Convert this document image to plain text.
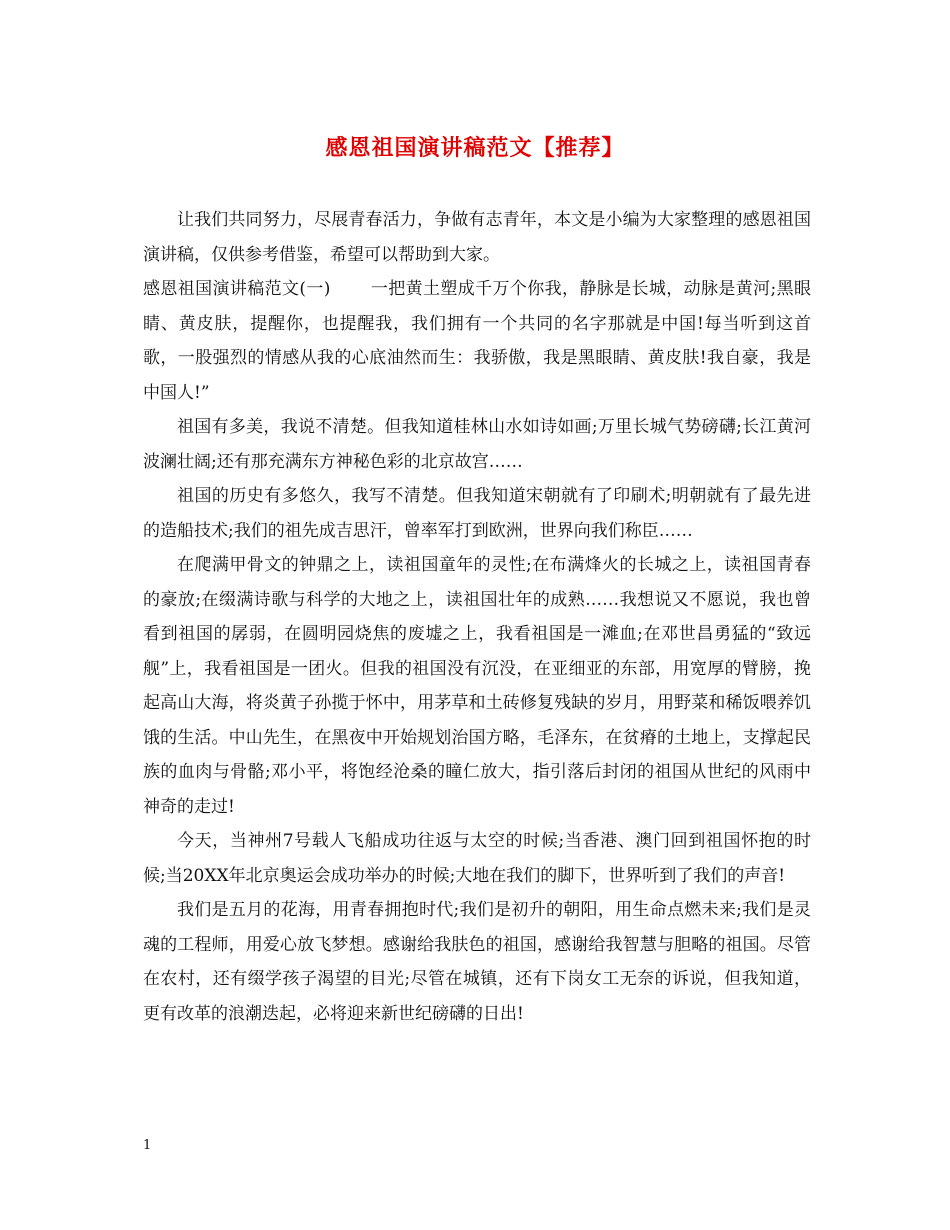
感恩祖国演讲稿范文【推荐】

让我们共同努力，尽展青春活力，争做有志青年，本文是小编为大家整理的感恩祖国演讲稿，仅供参考借鉴，希望可以帮助到大家。

感恩祖国演讲稿范文(一) 一把黄土塑成千万个你我，静脉是长城，动脉是黄河;黑眼睛、黄皮肤，提醒你，也提醒我，我们拥有一个共同的名字那就是中国!每当听到这首歌，一股强烈的情感从我的心底油然而生：我骄傲，我是黑眼睛、黄皮肤!我自豪，我是中国人!”

祖国有多美，我说不清楚。但我知道桂林山水如诗如画;万里长城气势磅礴;长江黄河波澜壮阔;还有那充满东方神秘色彩的北京故宫……

祖国的历史有多悠久，我写不清楚。但我知道宋朝就有了印刷术;明朝就有了最先进的造船技术;我们的祖先成吉思汗，曾率军打到欧洲，世界向我们称臣……

在爬满甲骨文的钟鼎之上，读祖国童年的灵性;在布满烽火的长城之上，读祖国青春的豪放;在缀满诗歌与科学的大地之上，读祖国壮年的成熟……我想说又不愿说，我也曾看到祖国的孱弱，在圆明园烧焦的废墟之上，我看祖国是一滩血;在邓世昌勇猛的“致远舰”上，我看祖国是一团火。但我的祖国没有沉没，在亚细亚的东部，用宽厚的臂膀，挽起高山大海，将炎黄子孙揽于怀中，用茅草和土砖修复残缺的岁月，用野菜和稀饭喂养饥饿的生活。中山先生，在黑夜中开始规划治国方略，毛泽东，在贫瘠的土地上，支撑起民族的血肉与骨骼;邓小平，将饱经沧桑的瞳仁放大，指引落后封闭的祖国从世纪的风雨中神奇的走过!

今天，当神州7号载人飞船成功往返与太空的时候;当香港、澳门回到祖国怀抱的时候;当20XX年北京奥运会成功举办的时候;大地在我们的脚下，世界听到了我们的声音!

我们是五月的花海，用青春拥抱时代;我们是初升的朝阳，用生命点燃未来;我们是灵魂的工程师，用爱心放飞梦想。感谢给我肤色的祖国，感谢给我智慧与胆略的祖国。尽管在农村，还有缀学孩子渴望的目光;尽管在城镇，还有下岗女工无奈的诉说，但我知道，更有改革的浪潮迭起，必将迎来新世纪磅礴的日出!

1
